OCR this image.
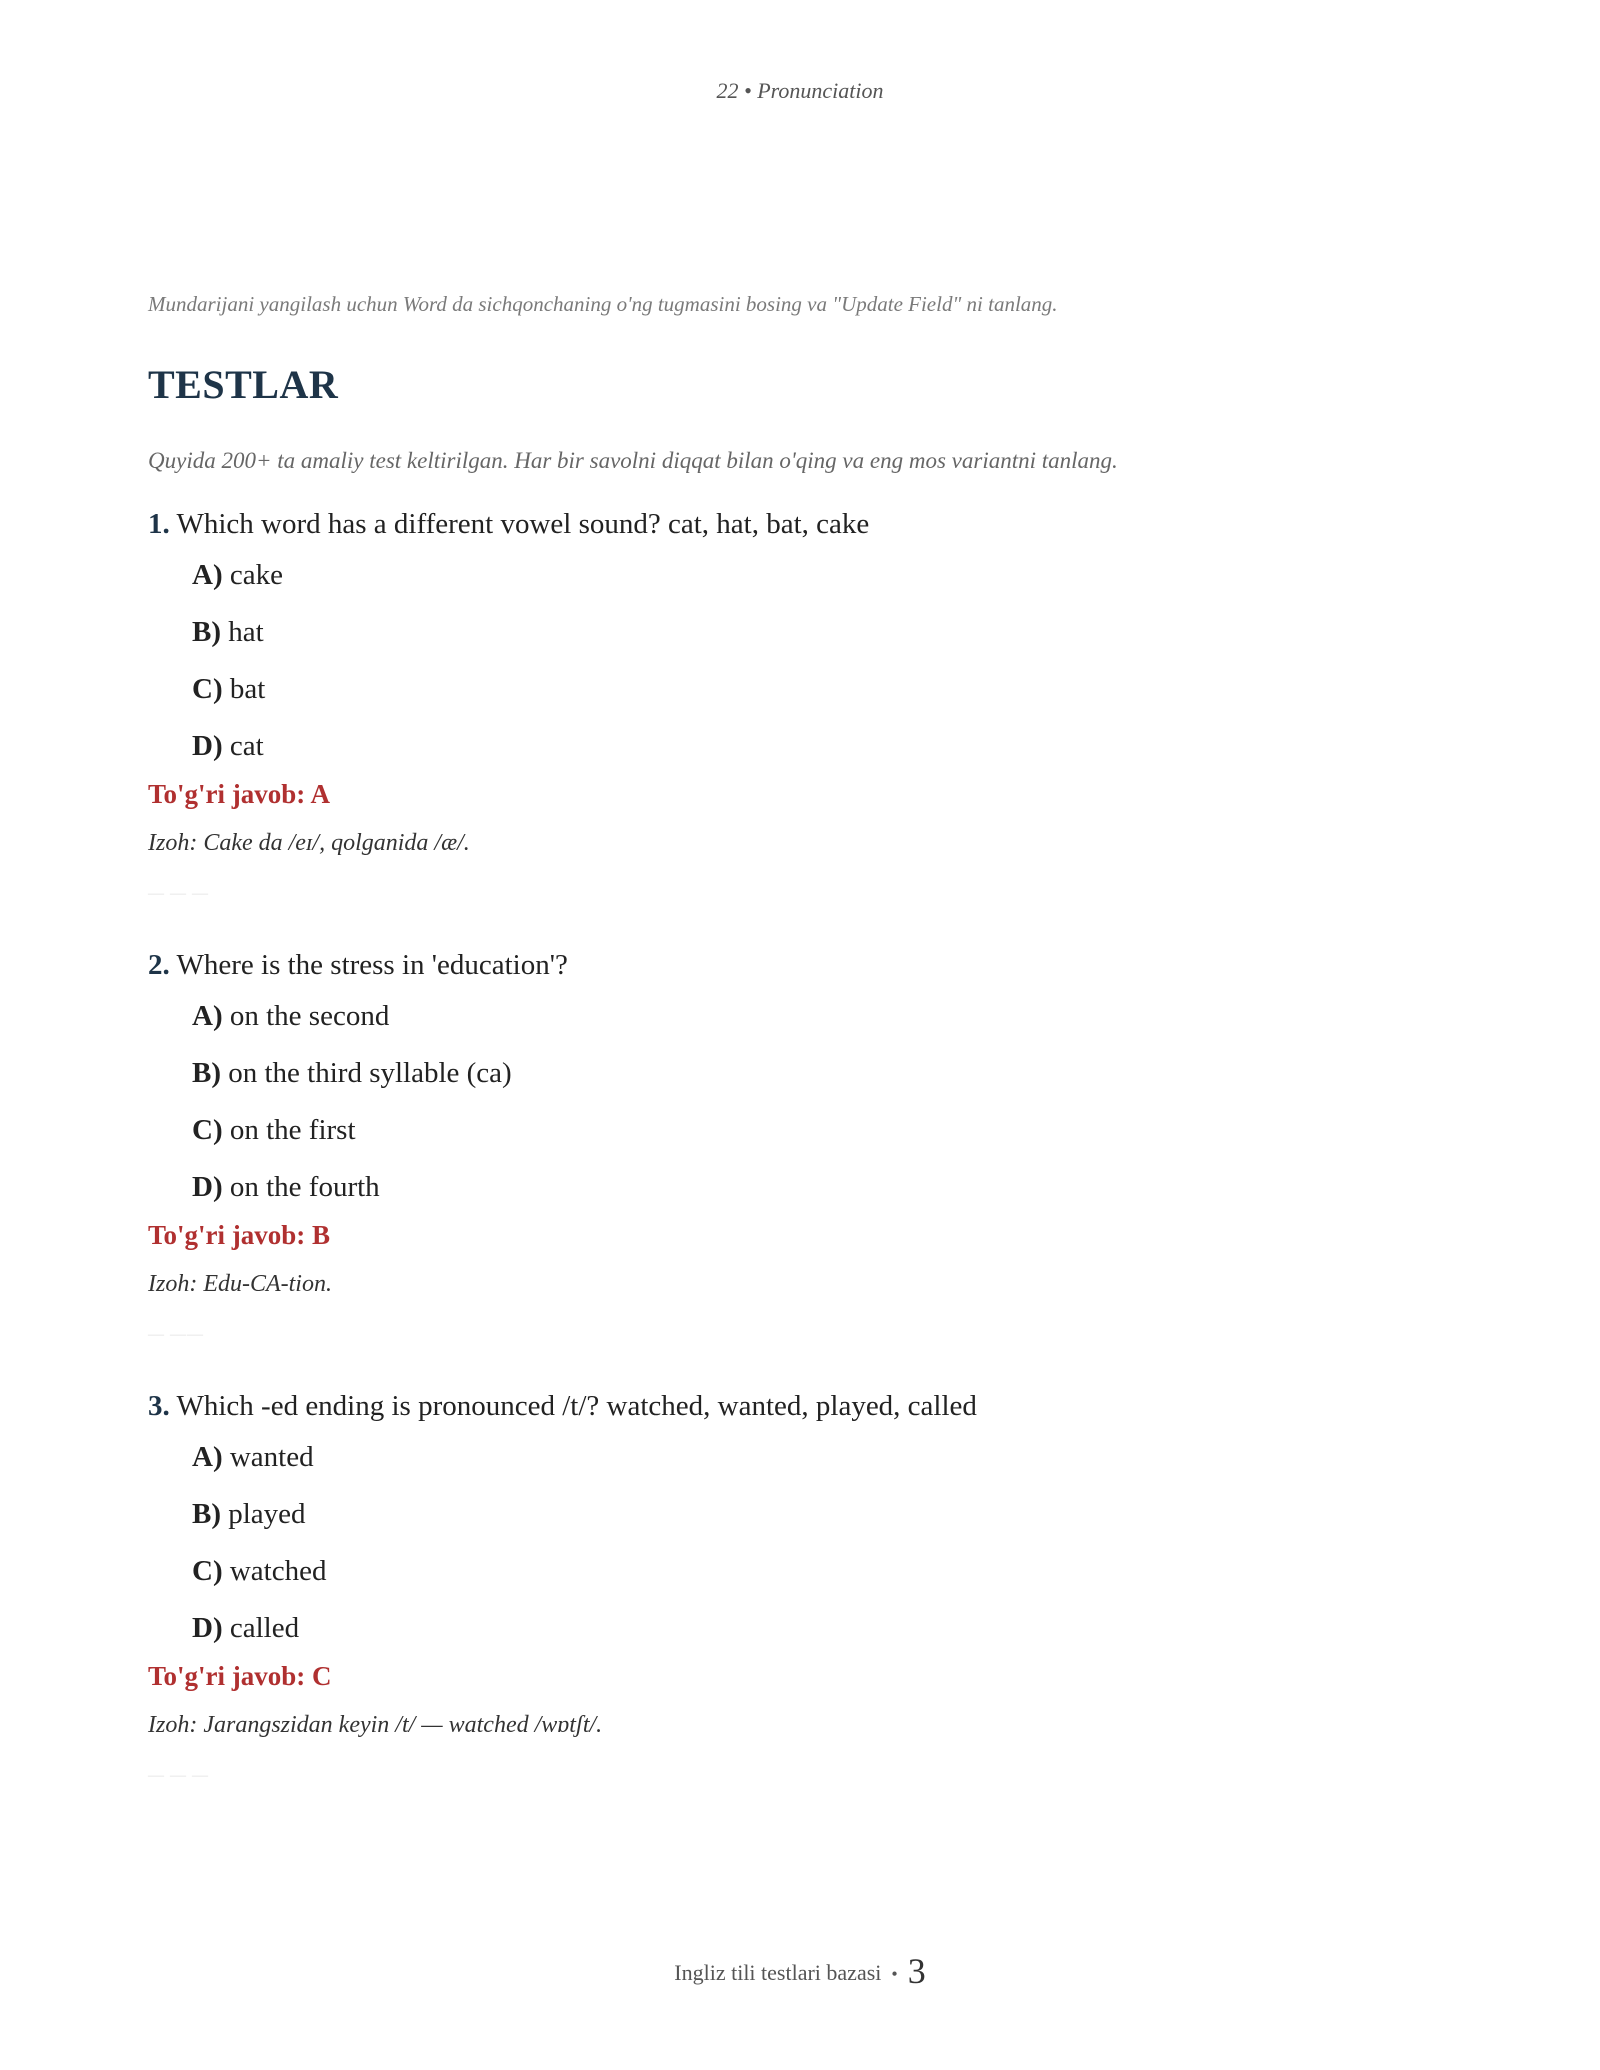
22 • Pronunciation

Mundarijani yangilash uchun Word da sichqonchaning o'ng tugmasini bosing va "Update Field" ni tanlang.

TESTLAR

Quyida 200+ ta amaliy test keltirilgan. Har bir savolni diqqat bilan o'qing va eng mos variantni tanlang.

1. Which word has a different vowel sound? cat, hat, bat, cake

A) cake
B) hat
C) bat
D) cat

To'g'ri javob: A

Izoh: Cake da /eɪ/, qolganida /æ/.

— — —

2. Where is the stress in 'education'?

A) on the second
B) on the third syllable (ca)
C) on the first
D) on the fourth

To'g'ri javob: B

Izoh: Edu-CA-tion.

— ——

3. Which -ed ending is pronounced /t/? watched, wanted, played, called

A) wanted
B) played
C) watched
D) called

To'g'ri javob: C

Izoh: Jarangszidan keyin /t/ — watched /wɒtʃt/.

— — —
Ingliz tili testlari bazasi • 3
